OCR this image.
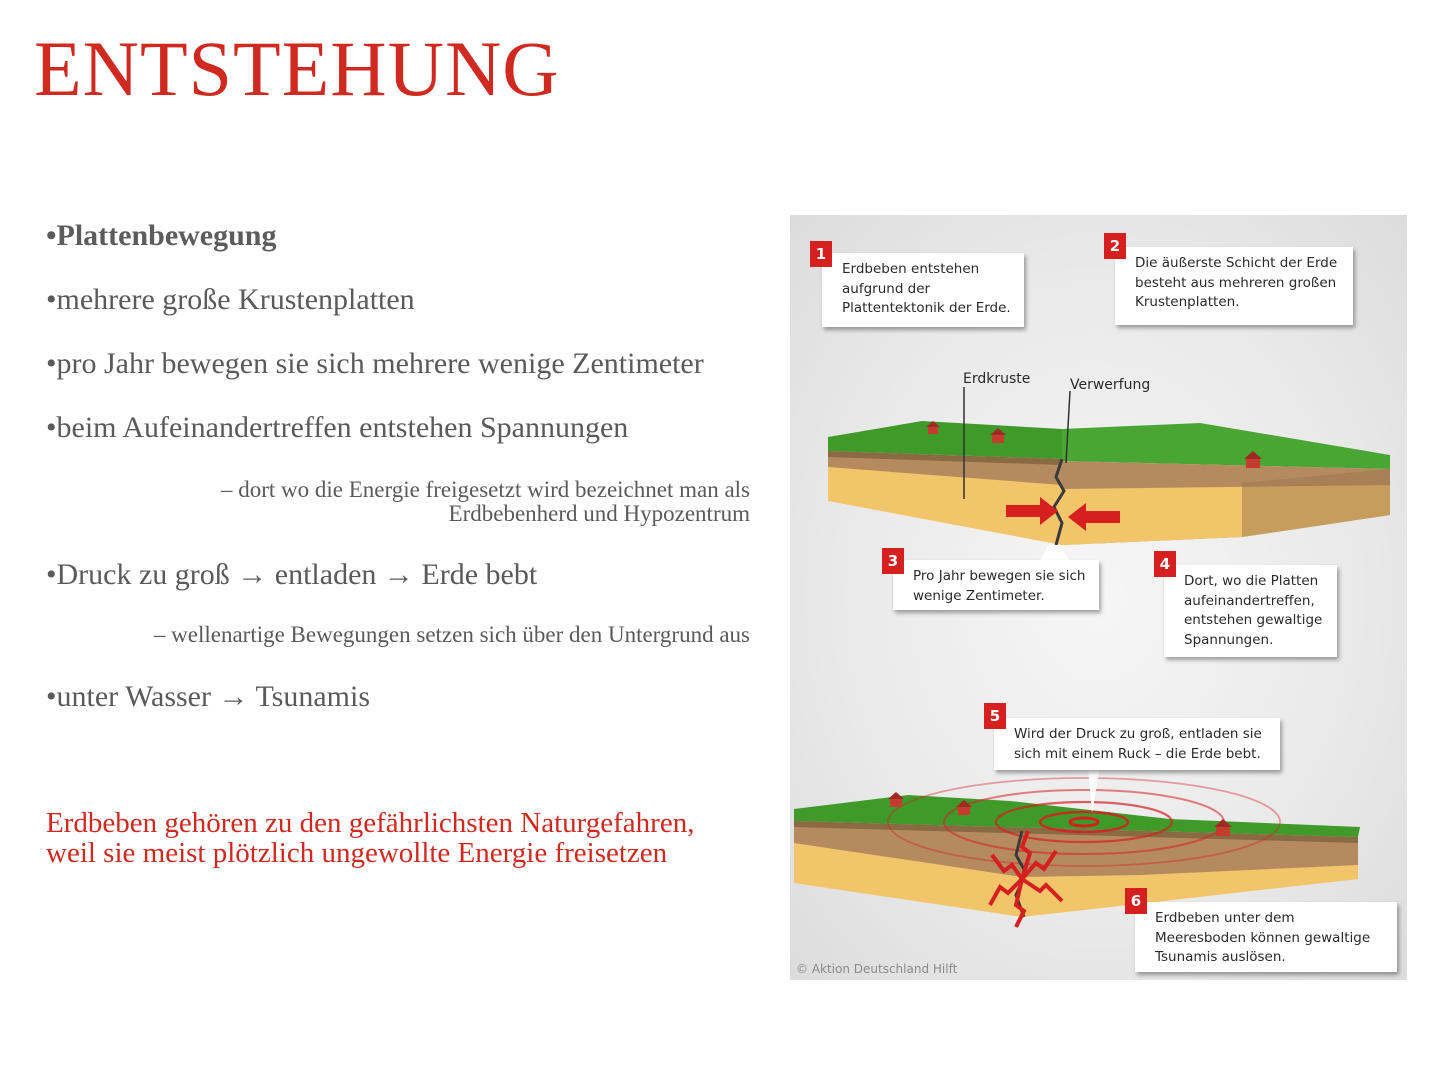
ENTSTEHUNG
•Plattenbewegung
•mehrere große Krustenplatten
•pro Jahr bewegen sie sich mehrere wenige Zentimeter
•beim Aufeinandertreffen entstehen Spannungen
– dort wo die Energie freigesetzt wird bezeichnet man als
Erdbebenherd und Hypozentrum
•Druck zu groß → entladen → Erde bebt
– wellenartige Bewegungen setzen sich über den Untergrund aus
•unter Wasser → Tsunamis
Erdbeben gehören zu den gefährlichsten Naturgefahren,
weil sie meist plötzlich ungewollte Energie freisetzen
Erdbeben entstehen
aufgrund der
Plattentektonik der Erde.
1	Die äußerste Schicht der Erde
besteht aus mehreren großen
Krustenplatten.
2
Erdkruste	Verwerfung
Pro Jahr bewegen sie sich
wenige Zentimeter.
3
Dort, wo die Platten
aufeinandertreffen,
entstehen gewaltige
Spannungen.
4
Wird der Druck zu groß, entladen sie
sich mit einem Ruck – die Erde bebt.
5
Erdbeben unter dem
Meeresboden können gewaltige
Tsunamis auslösen.
6
© Aktion Deutschland Hilft
